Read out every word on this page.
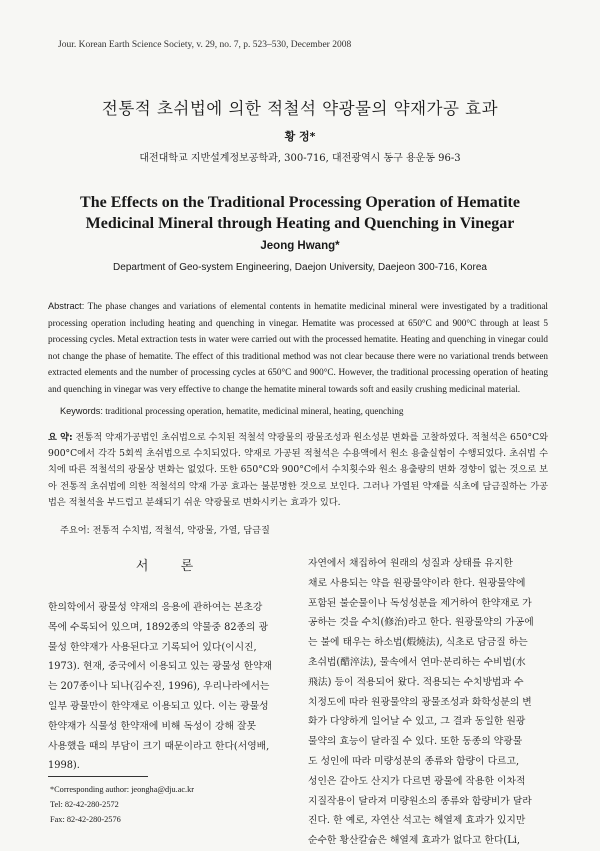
Jour. Korean Earth Science Society, v. 29, no. 7, p. 523–530, December 2008
전통적 초쉬법에 의한 적철석 약광물의 약재가공 효과
황 정*
대전대학교 지반설계정보공학과, 300-716, 대전광역시 동구 용운동 96-3
The Effects on the Traditional Processing Operation of Hematite
Medicinal Mineral through Heating and Quenching in Vinegar
Jeong Hwang*
Department of Geo-system Engineering, Daejon University, Daejeon 300-716, Korea
Abstract: The phase changes and variations of elemental contents in hematite medicinal mineral were investigated by a traditional processing operation including heating and quenching in vinegar. Hematite was processed at 650°C and 900°C through at least 5 processing cycles. Metal extraction tests in water were carried out with the processed hematite. Heating and quenching in vinegar could not change the phase of hematite. The effect of this traditional method was not clear because there were no variational trends between extracted elements and the number of processing cycles at 650°C and 900°C. However, the traditional processing operation of heating and quenching in vinegar was very effective to change the hematite mineral towards soft and easily crushing medicinal material.
Keywords: traditional processing operation, hematite, medicinal mineral, heating, quenching
요 약: 전통적 약재가공법인 초쉬법으로 수치된 적철석 약광물의 광물조성과 원소성분 변화를 고찰하였다. 적철석은 650°C와 900°C에서 각각 5회씩 초쉬법으로 수치되었다. 약재로 가공된 적철석은 수용액에서 원소 용출실험이 수행되었다. 초쉬법 수치에 따른 적철석의 광물상 변화는 없었다. 또한 650°C와 900°C에서 수치횟수와 원소 용출량의 변화 경향이 없는 것으로 보아 전통적 초쉬법에 의한 적철석의 약재 가공 효과는 불분명한 것으로 보인다. 그러나 가열된 약재를 식초에 담금질하는 가공법은 적철석을 부드럽고 분쇄되기 쉬운 약광물로 변화시키는 효과가 있다.
주요어: 전통적 수치법, 적철석, 약광물, 가열, 담금질
서 론
한의학에서 광물성 약재의 응용에 관하여는 본초강
목에 수록되어 있으며, 1892종의 약물중 82종의 광
물성 한약재가 사용된다고 기록되어 있다(이시진,
1973). 현재, 중국에서 이용되고 있는 광물성 한약재
는 207종이나 되나(김수진, 1996), 우리나라에서는
일부 광물만이 한약재로 이용되고 있다. 이는 광물성
한약재가 식물성 한약재에 비해 독성이 강해 잘못
사용했을 때의 부담이 크기 때문이라고 한다(서영배,
1998).
자연에서 채집하여 원래의 성질과 상태를 유지한
채로 사용되는 약을 원광물약이라 한다. 원광물약에
포함된 불순물이나 독성성분을 제거하여 한약재로 가
공하는 것을 수치(修治)라고 한다. 원광물약의 가공에
는 불에 태우는 하소법(煆燒法), 식초로 담금질 하는
초쉬법(醋淬法), 물속에서 연마·분리하는 수비법(水
飛法) 등이 적용되어 왔다. 적용되는 수치방법과 수
치정도에 따라 원광물약의 광물조성과 화학성분의 변
화가 다양하게 일어날 수 있고, 그 결과 동일한 원광
물약의 효능이 달라질 수 있다. 또한 동종의 약광물
도 성인에 따라 미량성분의 종류와 함량이 다르고,
성인은 같아도 산지가 다르면 광물에 작용한 이차적
지질작용이 달라져 미량원소의 종류와 함량비가 달라
진다. 한 예로, 자연산 석고는 해열제 효과가 있지만
순수한 황산칼슘은 해열제 효과가 없다고 한다(Li,
*Corresponding author: jeongha@dju.ac.kr
Tel: 82-42-280-2572
Fax: 82-42-280-2576
